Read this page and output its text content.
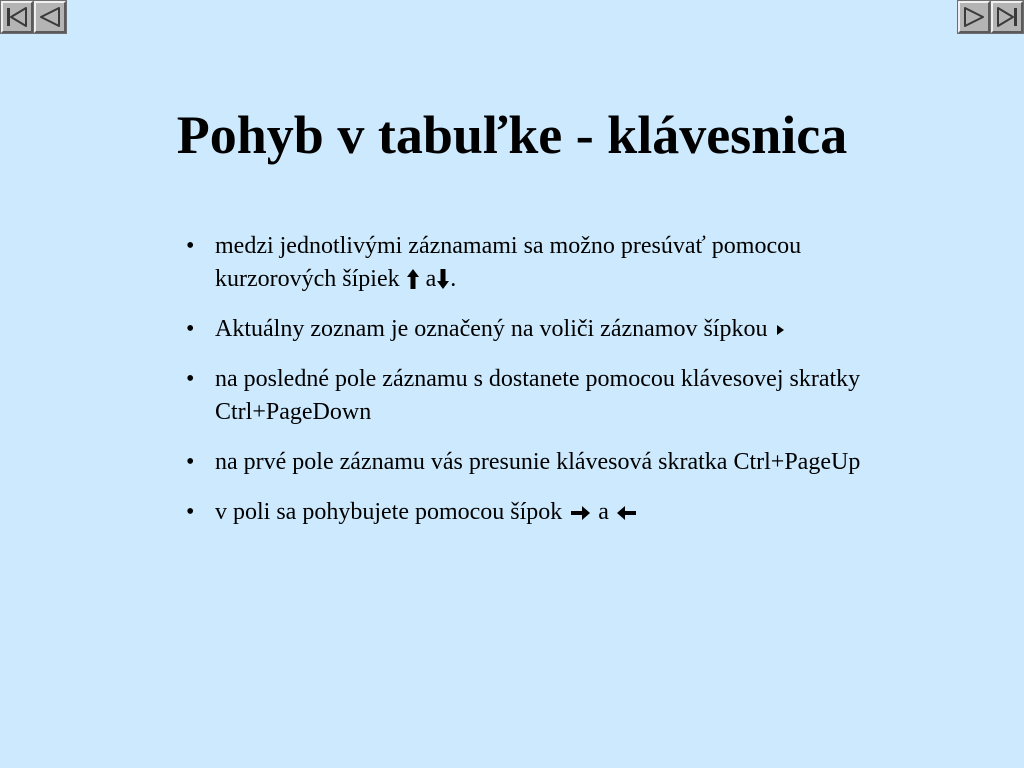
Pohyb v tabuľke - klávesnica
• medzi jednotlivými záznamami sa možno presúvať pomocou kurzorových šípiek a .
• Aktuálny zoznam je označený na voliči záznamov šípkou
• na posledné pole záznamu s dostanete pomocou klávesovej skratky Ctrl+PageDown
• na prvé pole záznamu vás presunie klávesová skratka Ctrl+PageUp
• v poli sa pohybujete pomocou šípok a
